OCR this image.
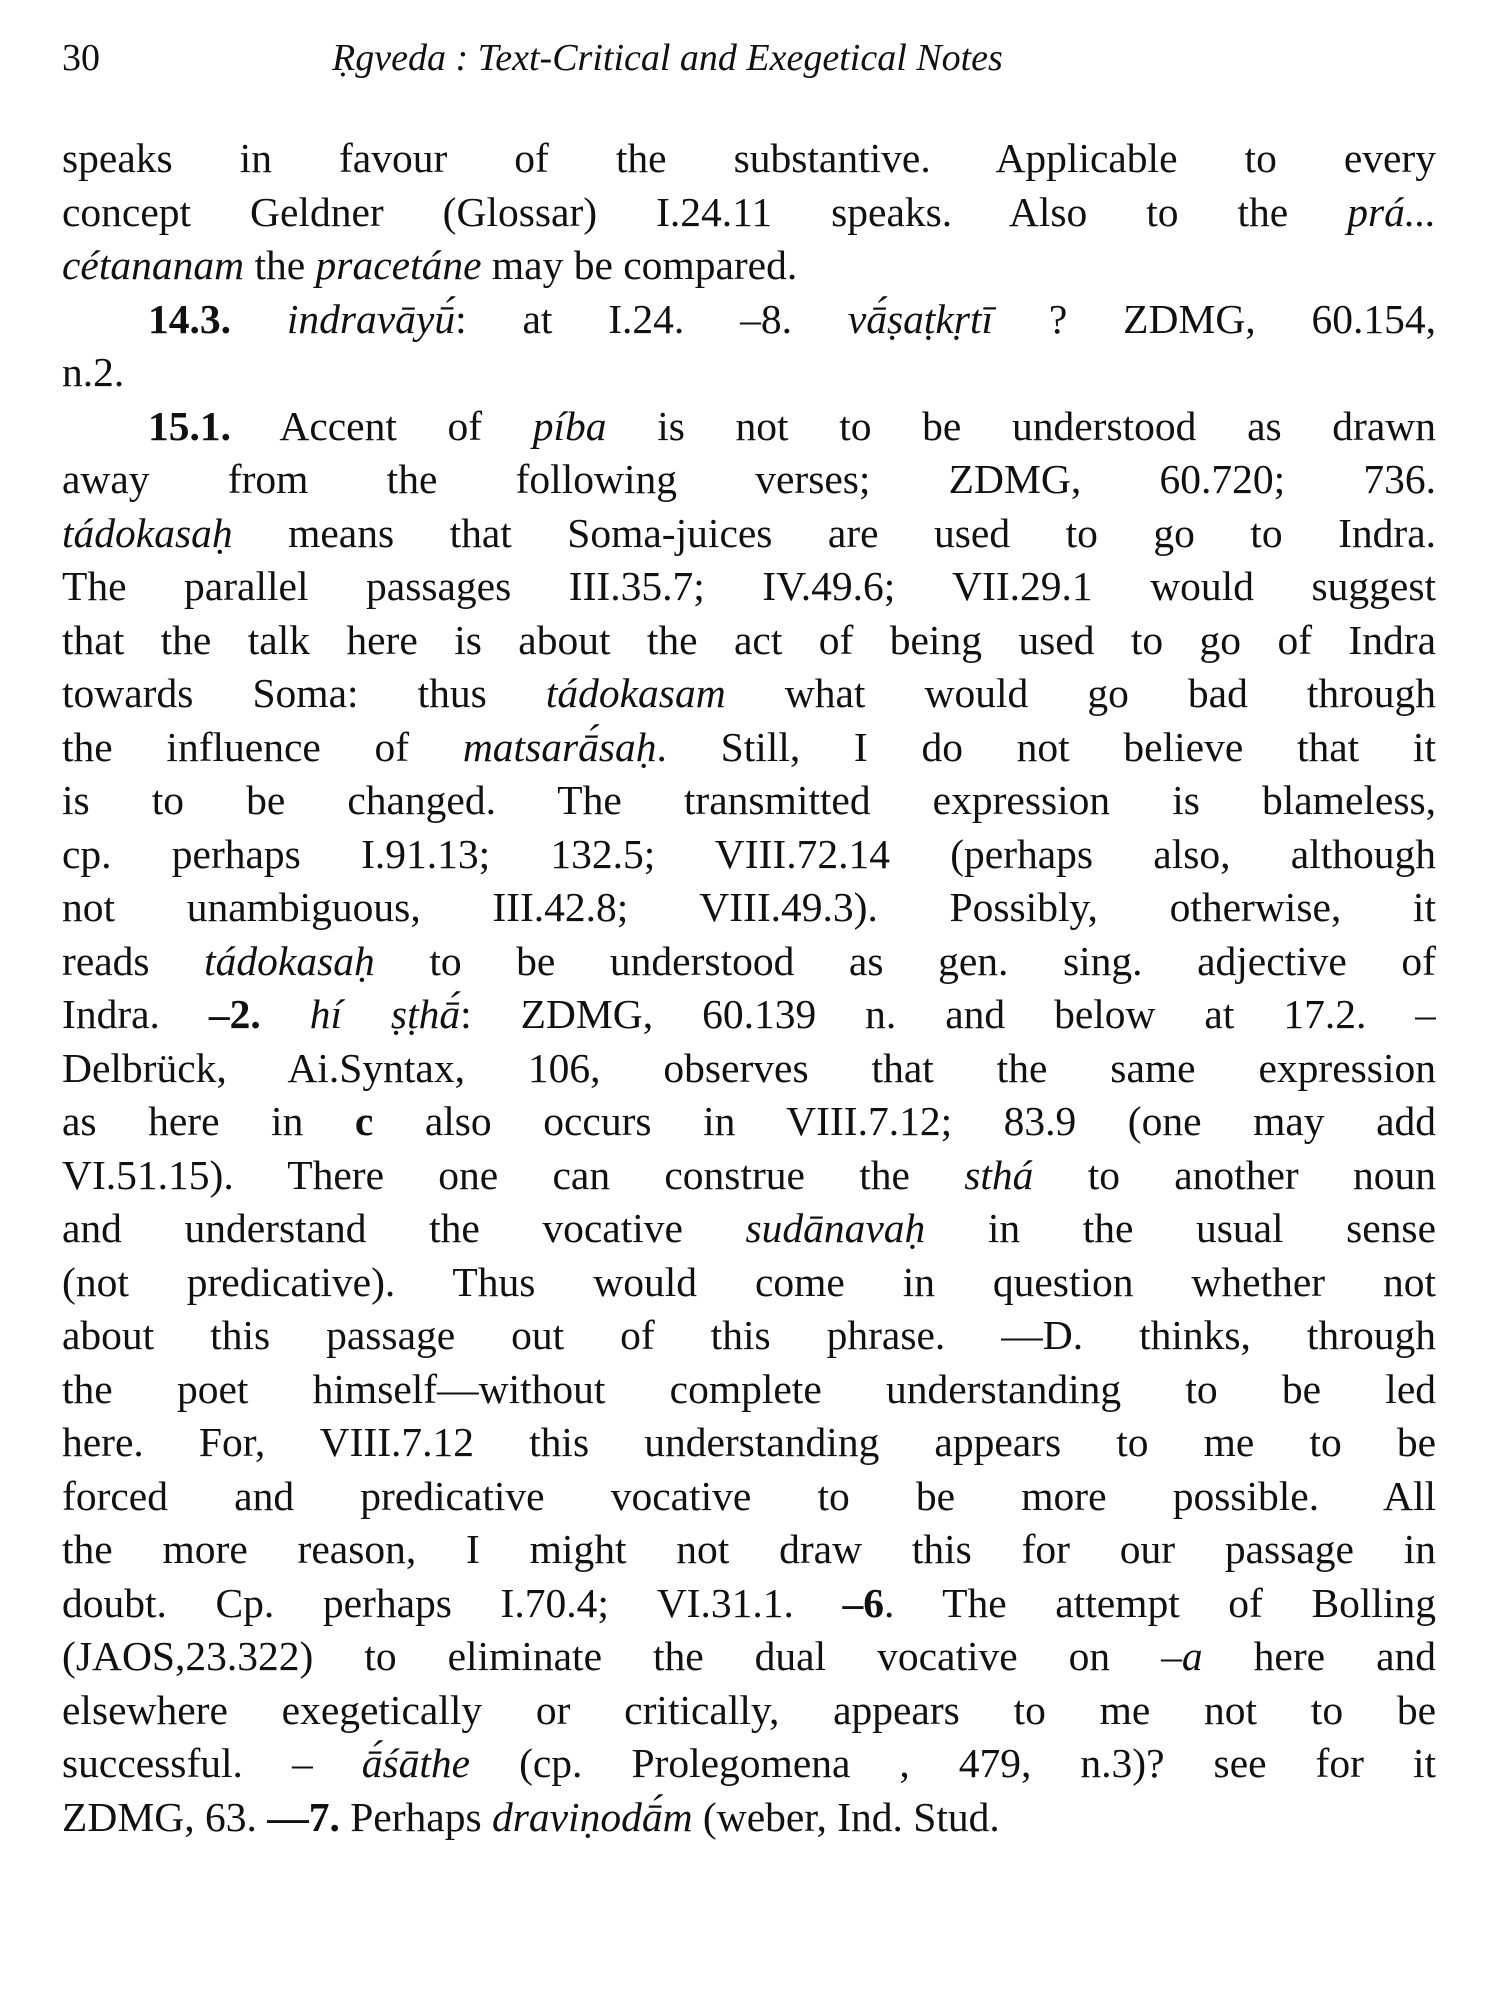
30	Ṛgveda : Text-Critical and Exegetical Notes
speaks in favour of the substantive. Applicable to every
concept Geldner (Glossar) I.24.11 speaks. Also to the prá...
cétananam the pracetáne may be compared.
14.3. indravāyū́: at I.24. –8. vā́ṣaṭkṛtī ? ZDMG, 60.154,
n.2.
15.1. Accent of píba is not to be understood as drawn
away from the following verses; ZDMG, 60.720; 736.
tádokasaḥ means that Soma-juices are used to go to Indra.
The parallel passages III.35.7; IV.49.6; VII.29.1 would suggest
that the talk here is about the act of being used to go of Indra
towards Soma: thus tádokasam what would go bad through
the influence of matsarā́saḥ. Still, I do not believe that it
is to be changed. The transmitted expression is blameless,
cp. perhaps I.91.13; 132.5; VIII.72.14 (perhaps also, although
not unambiguous, III.42.8; VIII.49.3). Possibly, otherwise, it
reads tádokasaḥ to be understood as gen. sing. adjective of
Indra. –2. hí ṣṭhā́: ZDMG, 60.139 n. and below at 17.2. –
Delbrück, Ai.Syntax, 106, observes that the same expression
as here in c also occurs in VIII.7.12; 83.9 (one may add
VI.51.15). There one can construe the sthá to another noun
and understand the vocative sudānavaḥ in the usual sense
(not predicative). Thus would come in question whether not
about this passage out of this phrase. —D. thinks, through
the poet himself—without complete understanding to be led
here. For, VIII.7.12 this understanding appears to me to be
forced and predicative vocative to be more possible. All
the more reason, I might not draw this for our passage in
doubt. Cp. perhaps I.70.4; VI.31.1. –6. The attempt of Bolling
(JAOS,23.322) to eliminate the dual vocative on –a here and
elsewhere exegetically or critically, appears to me not to be
successful. – ā́śāthe (cp. Prolegomena , 479, n.3)? see for it
ZDMG, 63. —7. Perhaps draviṇodā́m (weber, Ind. Stud.
